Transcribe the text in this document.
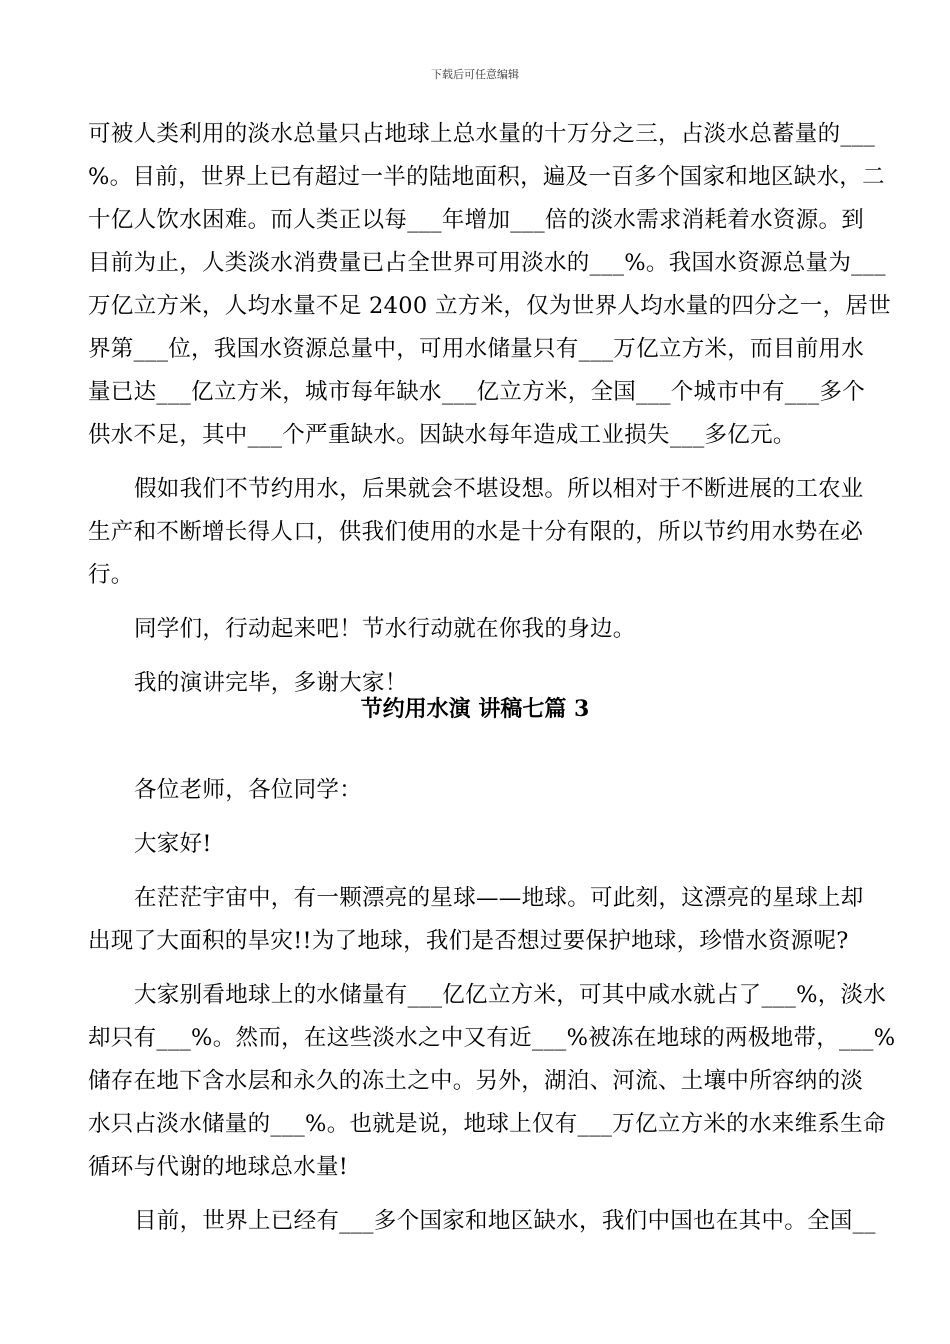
下载后可任意编辑
可被人类利用的淡水总量只占地球上总水量的十万分之三，占淡水总蓄量的___
%。目前，世界上已有超过一半的陆地面积，遍及一百多个国家和地区缺水，二
十亿人饮水困难。而人类正以每___年增加___倍的淡水需求消耗着水资源。到
目前为止，人类淡水消费量已占全世界可用淡水的___%。我国水资源总量为___
万亿立方米，人均水量不足 2400 立方米，仅为世界人均水量的四分之一，居世
界第___位，我国水资源总量中，可用水储量只有___万亿立方米，而目前用水
量已达___亿立方米，城市每年缺水___亿立方米，全国___个城市中有___多个
供水不足，其中___个严重缺水。因缺水每年造成工业损失___多亿元。
假如我们不节约用水，后果就会不堪设想。所以相对于不断进展的工农业
生产和不断增长得人口，供我们使用的水是十分有限的，所以节约用水势在必
行。
同学们，行动起来吧！节水行动就在你我的身边。
我的演讲完毕，多谢大家！
节约用水演 讲稿七篇 3
各位老师，各位同学：
大家好!
在茫茫宇宙中，有一颗漂亮的星球——地球。可此刻，这漂亮的星球上却
出现了大面积的旱灾!!为了地球，我们是否想过要保护地球，珍惜水资源呢?
大家别看地球上的水储量有___亿亿立方米，可其中咸水就占了___%，淡水
却只有___%。然而，在这些淡水之中又有近___%被冻在地球的两极地带，___%
储存在地下含水层和永久的冻土之中。另外，湖泊、河流、土壤中所容纳的淡
水只占淡水储量的___%。也就是说，地球上仅有___万亿立方米的水来维系生命
循环与代谢的地球总水量!
目前，世界上已经有___多个国家和地区缺水，我们中国也在其中。全国__
